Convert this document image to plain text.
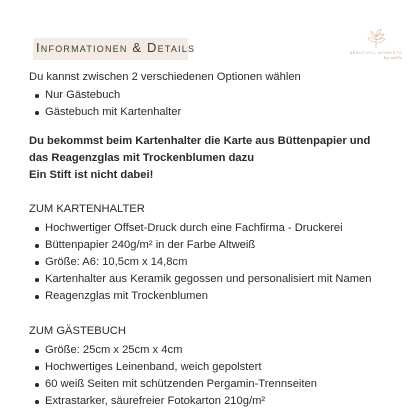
Informationen & Details	BEAUTIFUL MOMENTS
by cdelle
Du kannst zwischen 2 verschiedenen Optionen wählen
Nur Gästebuch
Gästebuch mit Kartenhalter
Du bekommst beim Kartenhalter die Karte aus Büttenpapier und
das Reagenzglas mit Trockenblumen dazu
Ein Stift ist nicht dabei!
ZUM KARTENHALTER
Hochwertiger Offset-Druck durch eine Fachfirma - Druckerei
Büttenpapier 240g/m² in der Farbe Altweiß
Größe: A6: 10,5cm x 14,8cm
Kartenhalter aus Keramik gegossen und personalisiert mit Namen
Reagenzglas mit Trockenblumen
ZUM GÄSTEBUCH
Größe: 25cm x 25cm x 4cm
Hochwertiges Leinenband, weich gepolstert
60 weiß Seiten mit schützenden Pergamin-Trennseiten
Extrastarker, säurefreier Fotokarton 210g/m²
